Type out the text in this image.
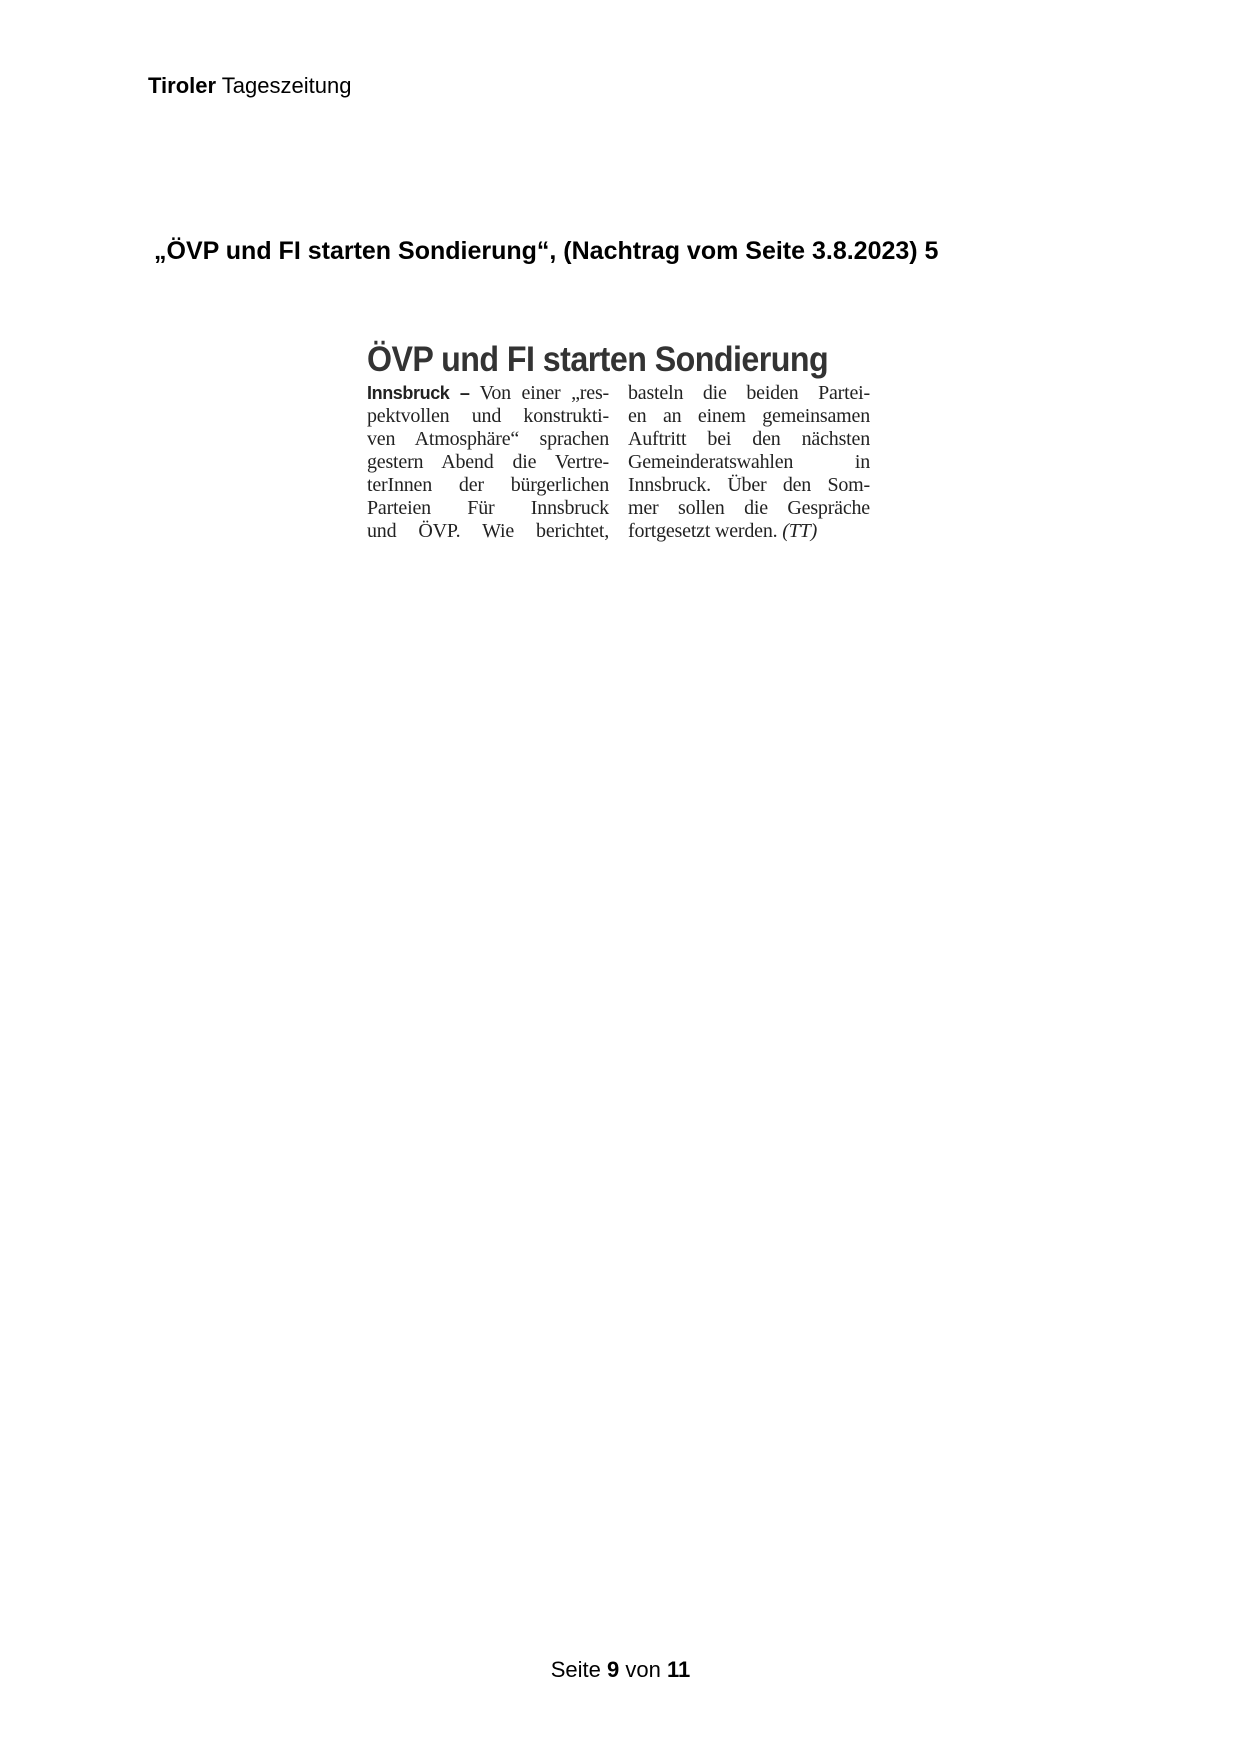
Tiroler Tageszeitung
„ÖVP und FI starten Sondierung“, (Nachtrag vom Seite 3.8.2023) 5
ÖVP und FI starten Sondierung
Innsbruck – Von einer „res-
pektvollen und konstrukti-
ven Atmosphäre“ sprachen
gestern Abend die Vertre-
terInnen der bürgerlichen
Parteien Für Innsbruck
und ÖVP. Wie berichtet,
basteln die beiden Partei-
en an einem gemeinsamen
Auftritt bei den nächsten
Gemeinderatswahlen in
Innsbruck. Über den Som-
mer sollen die Gespräche
fortgesetzt werden. (TT)
Seite 9 von 11
